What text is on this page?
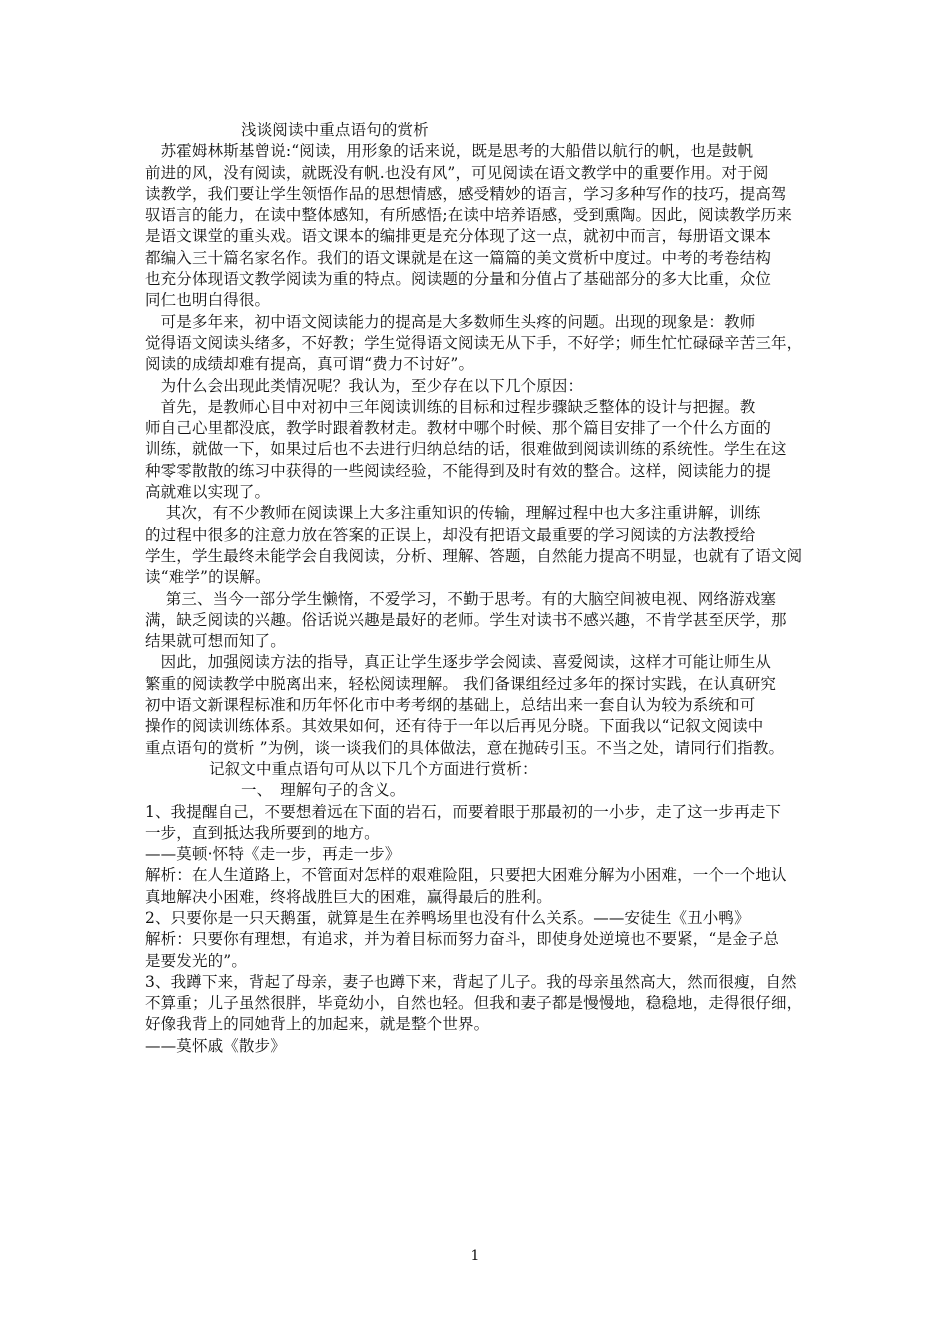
浅谈阅读中重点语句的赏析
　苏霍姆林斯基曾说:“阅读，用形象的话来说，既是思考的大船借以航行的帆，也是鼓帆
前进的风，没有阅读，就既没有帆.也没有风”，可见阅读在语文教学中的重要作用。对于阅
读教学，我们要让学生领悟作品的思想情感，感受精妙的语言，学习多种写作的技巧，提高驾
驭语言的能力，在读中整体感知，有所感悟;在读中培养语感，受到熏陶。因此，阅读教学历来
是语文课堂的重头戏。语文课本的编排更是充分体现了这一点，就初中而言，每册语文课本
都编入三十篇名家名作。我们的语文课就是在这一篇篇的美文赏析中度过。中考的考卷结构
也充分体现语文教学阅读为重的特点。阅读题的分量和分值占了基础部分的多大比重，众位
同仁也明白得很。
　可是多年来，初中语文阅读能力的提高是大多数师生头疼的问题。出现的现象是：教师
觉得语文阅读头绪多，不好教；学生觉得语文阅读无从下手，不好学；师生忙忙碌碌辛苦三年，
阅读的成绩却难有提高，真可谓“费力不讨好”。
　为什么会出现此类情况呢？我认为，至少存在以下几个原因：
　首先，是教师心目中对初中三年阅读训练的目标和过程步骤缺乏整体的设计与把握。教
师自己心里都没底，教学时跟着教材走。教材中哪个时候、那个篇目安排了一个什么方面的
训练，就做一下，如果过后也不去进行归纳总结的话，很难做到阅读训练的系统性。学生在这
种零零散散的练习中获得的一些阅读经验，不能得到及时有效的整合。这样，阅读能力的提
高就难以实现了。
　 其次，有不少教师在阅读课上大多注重知识的传输，理解过程中也大多注重讲解，训练
的过程中很多的注意力放在答案的正误上，却没有把语文最重要的学习阅读的方法教授给
学生，学生最终未能学会自我阅读，分析、理解、答题，自然能力提高不明显，也就有了语文阅
读“难学”的误解。
　 第三、当今一部分学生懒惰，不爱学习，不勤于思考。有的大脑空间被电视、网络游戏塞
满，缺乏阅读的兴趣。俗话说兴趣是最好的老师。学生对读书不感兴趣，不肯学甚至厌学，那
结果就可想而知了。
　因此，加强阅读方法的指导，真正让学生逐步学会阅读、喜爱阅读，这样才可能让师生从
繁重的阅读教学中脱离出来，轻松阅读理解。 我们备课组经过多年的探讨实践，在认真研究
初中语文新课程标准和历年怀化市中考考纲的基础上，总结出来一套自认为较为系统和可
操作的阅读训练体系。其效果如何，还有待于一年以后再见分晓。下面我以“记叙文阅读中
重点语句的赏析 ”为例，谈一谈我们的具体做法，意在抛砖引玉。不当之处，请同行们指教。
记叙文中重点语句可从以下几个方面进行赏析：
一、　理解句子的含义。
1、我提醒自己，不要想着远在下面的岩石，而要着眼于那最初的一小步，走了这一步再走下
一步，直到抵达我所要到的地方。
——莫顿·怀特《走一步，再走一步》
解析：在人生道路上，不管面对怎样的艰难险阻，只要把大困难分解为小困难，一个一个地认
真地解决小困难，终将战胜巨大的困难，赢得最后的胜利。
2、只要你是一只天鹅蛋，就算是生在养鸭场里也没有什么关系。——安徒生《丑小鸭》
解析：只要你有理想，有追求，并为着目标而努力奋斗，即使身处逆境也不要紧，“是金子总
是要发光的”。
3、我蹲下来，背起了母亲，妻子也蹲下来，背起了儿子。我的母亲虽然高大，然而很瘦，自然
不算重；儿子虽然很胖，毕竟幼小，自然也轻。但我和妻子都是慢慢地，稳稳地，走得很仔细，
好像我背上的同她背上的加起来，就是整个世界。
——莫怀戚《散步》
1
